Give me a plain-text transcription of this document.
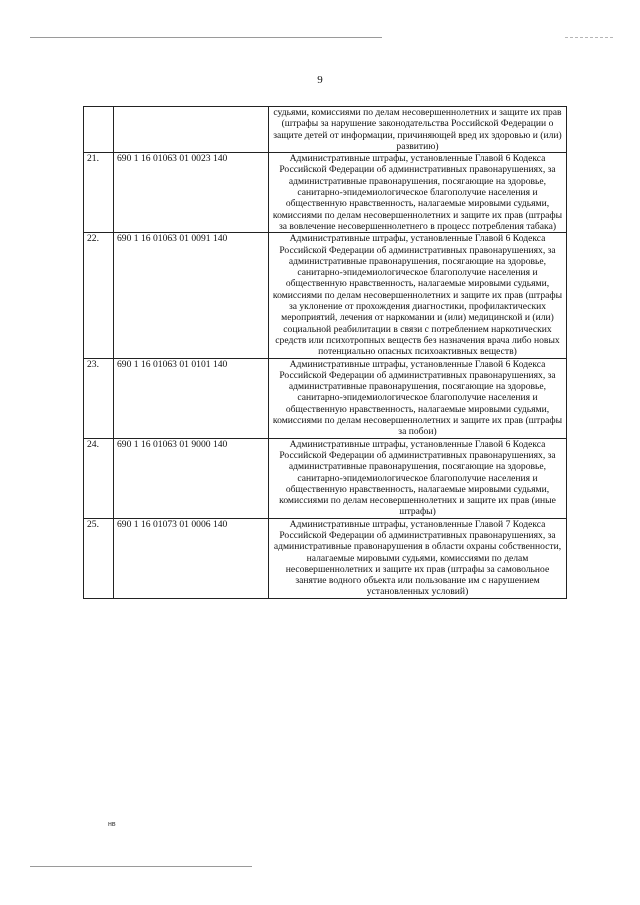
9
		судьями, комиссиями по делам несовершеннолетних и защите их прав (штрафы за нарушение законодательства Российской Федерации о защите детей от информации, причиняющей вред их здоровью и (или) развитию)
21.	690 1 16 01063 01 0023 140	Административные штрафы, установленные Главой 6 Кодекса Российской Федерации об административных правонарушениях, за административные правонарушения, посягающие на здоровье, санитарно-эпидемиологическое благополучие населения и общественную нравственность, налагаемые мировыми судьями, комиссиями по делам несовершеннолетних и защите их прав (штрафы за вовлечение несовершеннолетнего в процесс потребления табака)
22.	690 1 16 01063 01 0091 140	Административные штрафы, установленные Главой 6 Кодекса Российской Федерации об административных правонарушениях, за административные правонарушения, посягающие на здоровье, санитарно-эпидемиологическое благополучие населения и общественную нравственность, налагаемые мировыми судьями, комиссиями по делам несовершеннолетних и защите их прав (штрафы за уклонение от прохождения диагностики, профилактических мероприятий, лечения от наркомании и (или) медицинской и (или) социальной реабилитации в связи с потреблением наркотических средств или психотропных веществ без назначения врача либо новых потенциально опасных психоактивных веществ)
23.	690 1 16 01063 01 0101 140	Административные штрафы, установленные Главой 6 Кодекса Российской Федерации об административных правонарушениях, за административные правонарушения, посягающие на здоровье, санитарно-эпидемиологическое благополучие населения и общественную нравственность, налагаемые мировыми судьями, комиссиями по делам несовершеннолетних и защите их прав (штрафы за побои)
24.	690 1 16 01063 01 9000 140	Административные штрафы, установленные Главой 6 Кодекса Российской Федерации об административных правонарушениях, за административные правонарушения, посягающие на здоровье, санитарно-эпидемиологическое благополучие населения и общественную нравственность, налагаемые мировыми судьями, комиссиями по делам несовершеннолетних и защите их прав (иные штрафы)
25.	690 1 16 01073 01 0006 140	Административные штрафы, установленные Главой 7 Кодекса Российской Федерации об административных правонарушениях, за административные правонарушения в области охраны собственности, налагаемые мировыми судьями, комиссиями по делам несовершеннолетних и защите их прав (штрафы за самовольное занятие водного объекта или пользование им с нарушением установленных условий)
нв
